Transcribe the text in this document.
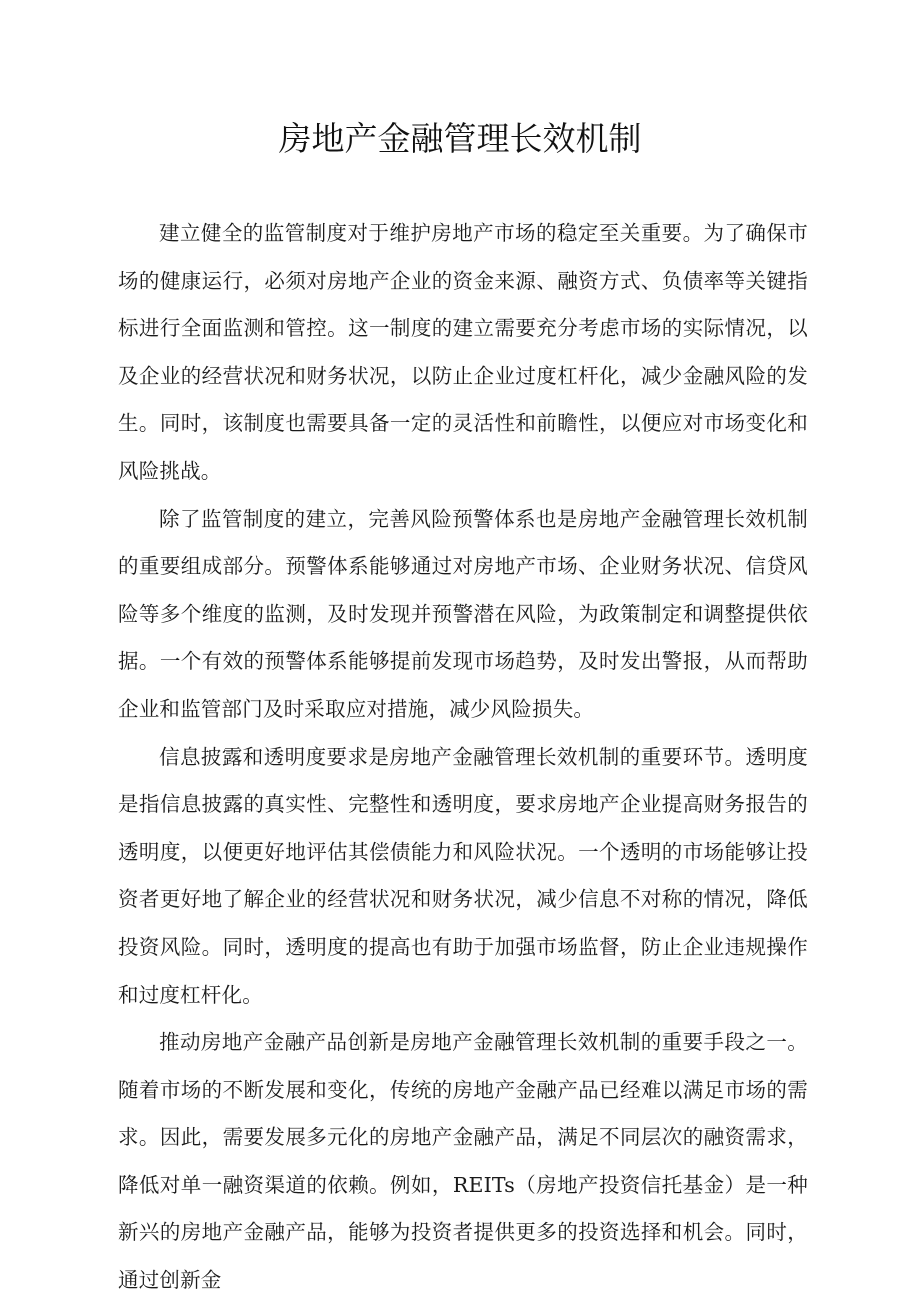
房地产金融管理长效机制

建立健全的监管制度对于维护房地产市场的稳定至关重要。为了确保市场的健康运行，必须对房地产企业的资金来源、融资方式、负债率等关键指标进行全面监测和管控。这一制度的建立需要充分考虑市场的实际情况，以及企业的经营状况和财务状况，以防止企业过度杠杆化，减少金融风险的发生。同时，该制度也需要具备一定的灵活性和前瞻性，以便应对市场变化和风险挑战。

除了监管制度的建立，完善风险预警体系也是房地产金融管理长效机制的重要组成部分。预警体系能够通过对房地产市场、企业财务状况、信贷风险等多个维度的监测，及时发现并预警潜在风险，为政策制定和调整提供依据。一个有效的预警体系能够提前发现市场趋势，及时发出警报，从而帮助企业和监管部门及时采取应对措施，减少风险损失。

信息披露和透明度要求是房地产金融管理长效机制的重要环节。透明度是指信息披露的真实性、完整性和透明度，要求房地产企业提高财务报告的透明度，以便更好地评估其偿债能力和风险状况。一个透明的市场能够让投资者更好地了解企业的经营状况和财务状况，减少信息不对称的情况，降低投资风险。同时，透明度的提高也有助于加强市场监督，防止企业违规操作和过度杠杆化。

推动房地产金融产品创新是房地产金融管理长效机制的重要手段之一。随着市场的不断发展和变化，传统的房地产金融产品已经难以满足市场的需求。因此，需要发展多元化的房地产金融产品，满足不同层次的融资需求，降低对单一融资渠道的依赖。例如，REITs（房地产投资信托基金）是一种新兴的房地产金融产品，能够为投资者提供更多的投资选择和机会。同时，通过创新金
